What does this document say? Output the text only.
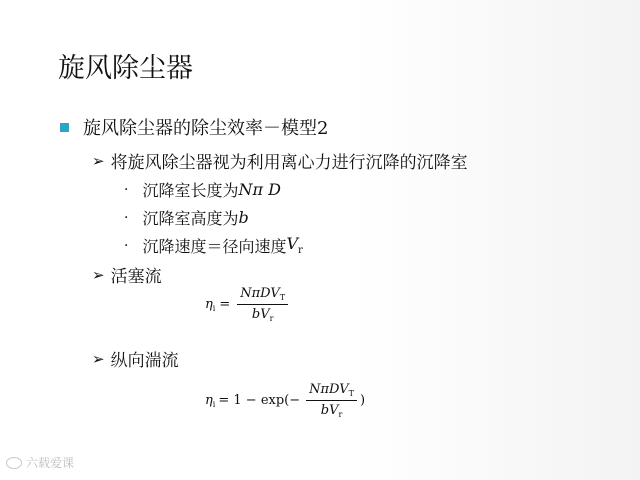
旋风除尘器
旋风除尘器的除尘效率－模型2
➢ 将旋风除尘器视为利用离心力进行沉降的沉降室
· 沉降室长度为 Nπ D
· 沉降室高度为 b
· 沉降速度＝径向速度 $V_r$
➢ 活塞流
$\eta_i = \frac{N\pi DV_T}{bV_r}$
➢ 纵向湍流
$\eta_i = 1 - \exp(- \frac{N\pi DV_T}{bV_r}$ )
六载爱课
